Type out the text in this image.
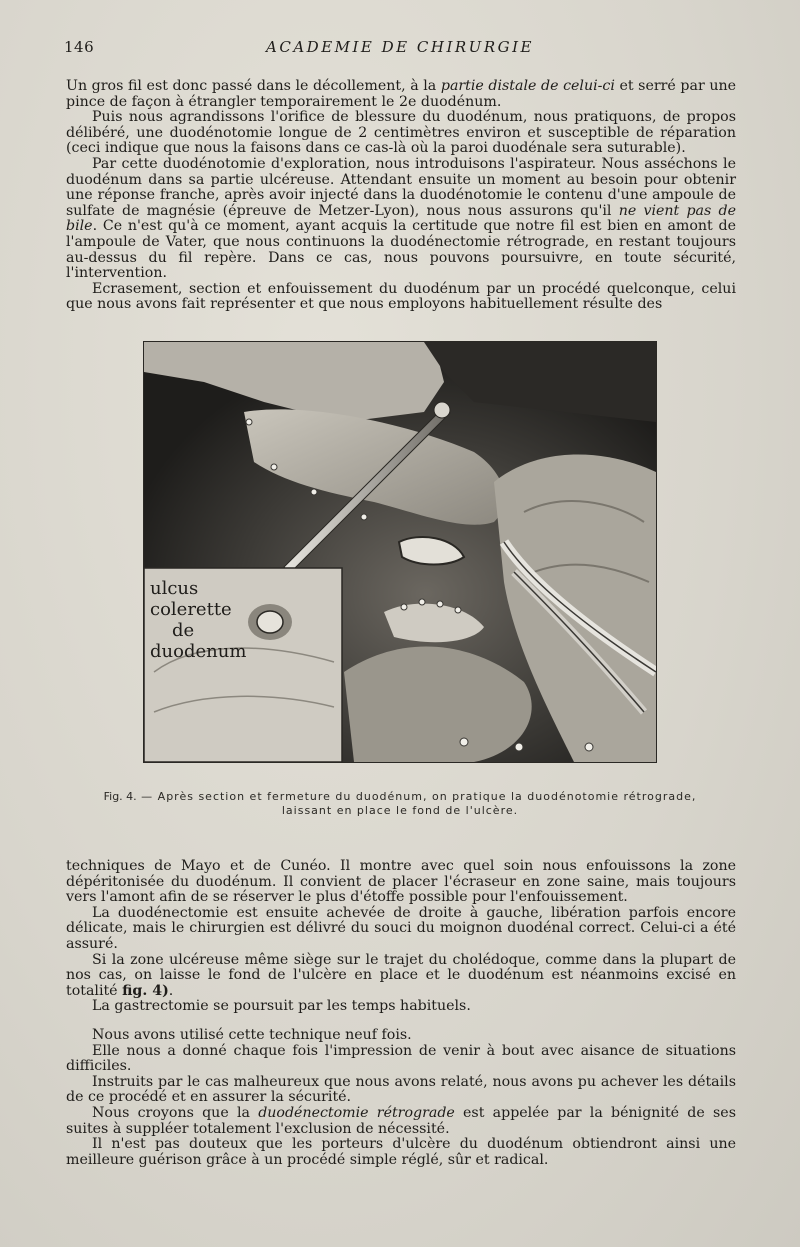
146	ACADEMIE DE CHIRURGIE

Un gros fil est donc passé dans le décollement, à la partie distale de celui-ci et serré par une pince de façon à étrangler temporairement le 2e duodénum.

Puis nous agrandissons l'orifice de blessure du duodénum, nous pratiquons, de propos délibéré, une duodénotomie longue de 2 centimètres environ et susceptible de réparation (ceci indique que nous la faisons dans ce cas-là où la paroi duodénale sera suturable).

Par cette duodénotomie d'exploration, nous introduisons l'aspirateur. Nous asséchons le duodénum dans sa partie ulcéreuse. Attendant ensuite un moment au besoin pour obtenir une réponse franche, après avoir injecté dans la duodénotomie le contenu d'une ampoule de sulfate de magnésie (épreuve de Metzer-Lyon), nous nous assurons qu'il ne vient pas de bile. Ce n'est qu'à ce moment, ayant acquis la certitude que notre fil est bien en amont de l'ampoule de Vater, que nous continuons la duodénectomie rétrograde, en restant toujours au-dessus du fil repère. Dans ce cas, nous pouvons poursuivre, en toute sécurité, l'intervention.

Ecrasement, section et enfouissement du duodénum par un procédé quelconque, celui que nous avons fait représenter et que nous employons habituellement résulte des

ulcus
colerette
de
duodenum
Fig. 4. — Après section et fermeture du duodénum, on pratique la duodénotomie rétrograde, laissant en place le fond de l'ulcère.

techniques de Mayo et de Cunéo. Il montre avec quel soin nous enfouissons la zone dépéritonisée du duodénum. Il convient de placer l'écraseur en zone saine, mais toujours vers l'amont afin de se réserver le plus d'étoffe possible pour l'enfouissement.

La duodénectomie est ensuite achevée de droite à gauche, libération parfois encore délicate, mais le chirurgien est délivré du souci du moignon duodénal correct. Celui-ci a été assuré.

Si la zone ulcéreuse même siège sur le trajet du cholédoque, comme dans la plupart de nos cas, on laisse le fond de l'ulcère en place et le duodénum est néanmoins excisé en totalité fig. 4).

La gastrectomie se poursuit par les temps habituels.

Nous avons utilisé cette technique neuf fois.

Elle nous a donné chaque fois l'impression de venir à bout avec aisance de situations difficiles.

Instruits par le cas malheureux que nous avons relaté, nous avons pu achever les détails de ce procédé et en assurer la sécurité.

Nous croyons que la duodénectomie rétrograde est appelée par la bénignité de ses suites à suppléer totalement l'exclusion de nécessité.

Il n'est pas douteux que les porteurs d'ulcère du duodénum obtiendront ainsi une meilleure guérison grâce à un procédé simple réglé, sûr et radical.
